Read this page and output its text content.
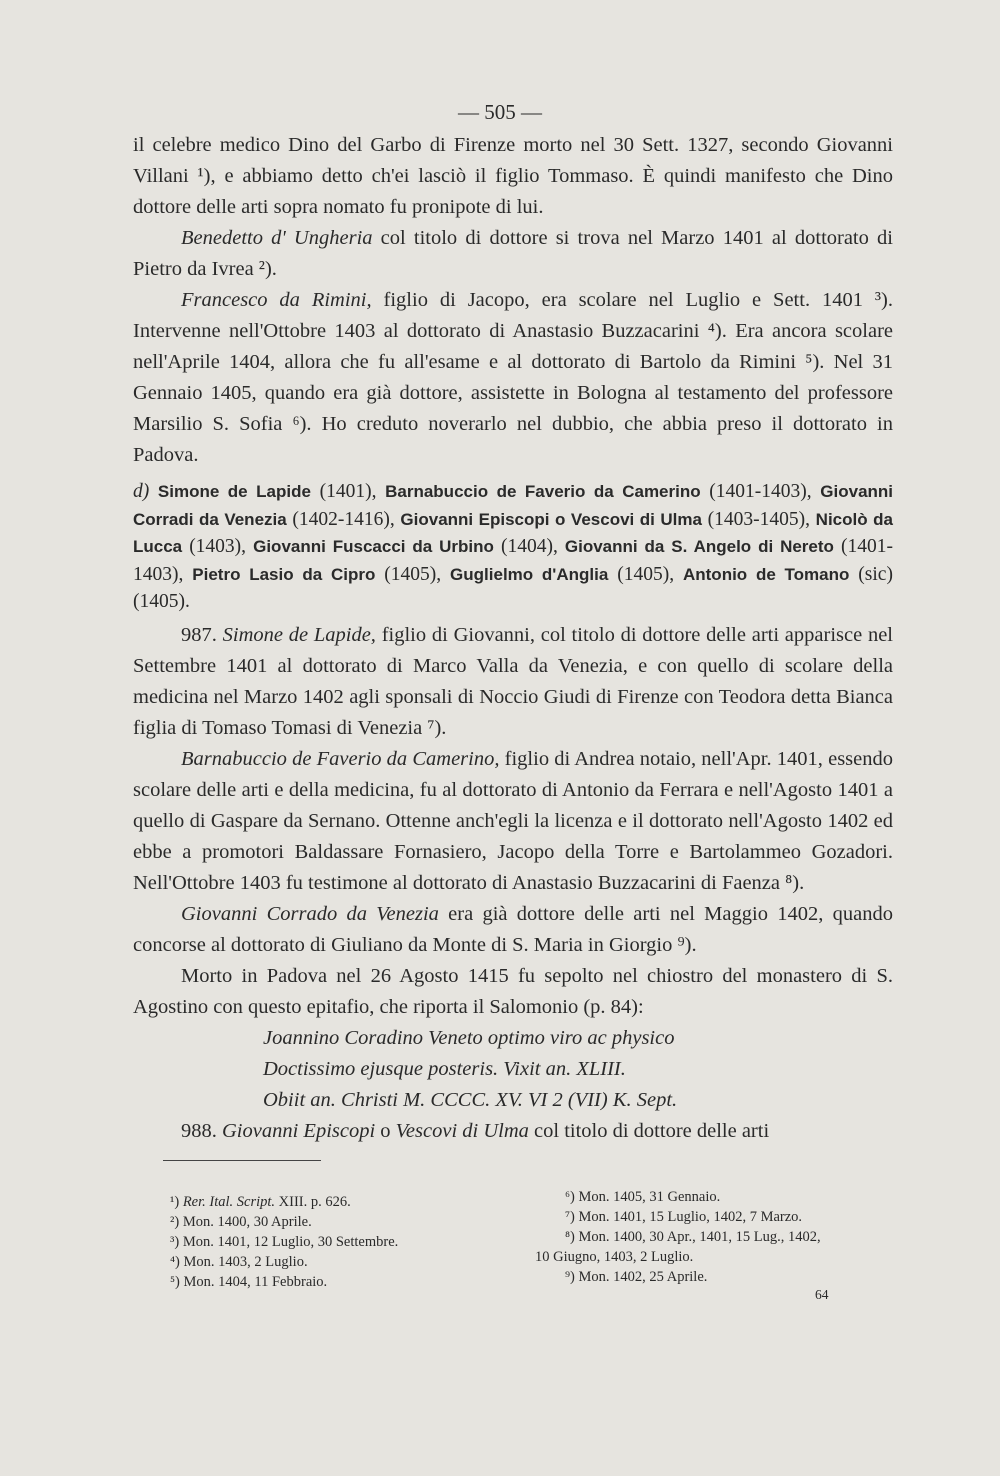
— 505 —

il celebre medico Dino del Garbo di Firenze morto nel 30 Sett. 1327, secondo Giovanni Villani ¹), e abbiamo detto ch'ei lasciò il figlio Tommaso. È quindi manifesto che Dino dottore delle arti sopra nomato fu pronipote di lui.

Benedetto d' Ungheria col titolo di dottore si trova nel Marzo 1401 al dottorato di Pietro da Ivrea ²).

Francesco da Rimini, figlio di Jacopo, era scolare nel Luglio e Sett. 1401 ³). Intervenne nell'Ottobre 1403 al dottorato di Anastasio Buzzacarini ⁴). Era ancora scolare nell'Aprile 1404, allora che fu all'esame e al dottorato di Bartolo da Rimini ⁵). Nel 31 Gennaio 1405, quando era già dottore, assistette in Bologna al testamento del professore Marsilio S. Sofia ⁶). Ho creduto noverarlo nel dubbio, che abbia preso il dottorato in Padova.

d) Simone de Lapide (1401), Barnabuccio de Faverio da Camerino (1401-1403), Giovanni Corradi da Venezia (1402-1416), Giovanni Episcopi o Vescovi di Ulma (1403-1405), Nicolò da Lucca (1403), Giovanni Fuscacci da Urbino (1404), Giovanni da S. Angelo di Nereto (1401-1403), Pietro Lasio da Cipro (1405), Guglielmo d'Anglia (1405), Antonio de Tomano (sic) (1405).

987. Simone de Lapide, figlio di Giovanni, col titolo di dottore delle arti apparisce nel Settembre 1401 al dottorato di Marco Valla da Venezia, e con quello di scolare della medicina nel Marzo 1402 agli sponsali di Noccio Giudi di Firenze con Teodora detta Bianca figlia di Tomaso Tomasi di Venezia ⁷).

Barnabuccio de Faverio da Camerino, figlio di Andrea notaio, nell'Apr. 1401, essendo scolare delle arti e della medicina, fu al dottorato di Antonio da Ferrara e nell'Agosto 1401 a quello di Gaspare da Sernano. Ottenne anch'egli la licenza e il dottorato nell'Agosto 1402 ed ebbe a promotori Baldassare Fornasiero, Jacopo della Torre e Bartolammeo Gozadori. Nell'Ottobre 1403 fu testimone al dottorato di Anastasio Buzzacarini di Faenza ⁸).

Giovanni Corrado da Venezia era già dottore delle arti nel Maggio 1402, quando concorse al dottorato di Giuliano da Monte di S. Maria in Giorgio ⁹).

Morto in Padova nel 26 Agosto 1415 fu sepolto nel chiostro del monastero di S. Agostino con questo epitafio, che riporta il Salomonio (p. 84):

Joannino Coradino Veneto optimo viro ac physico

Doctissimo ejusque posteris. Vixit an. XLIII.

Obiit an. Christi M. CCCC. XV. VI 2 (VII) K. Sept.

988. Giovanni Episcopi o Vescovi di Ulma col titolo di dottore delle arti

¹) Rer. Ital. Script. XIII. p. 626.
²) Mon. 1400, 30 Aprile.
³) Mon. 1401, 12 Luglio, 30 Settembre.
⁴) Mon. 1403, 2 Luglio.
⁵) Mon. 1404, 11 Febbraio.
⁶) Mon. 1405, 31 Gennaio.
⁷) Mon. 1401, 15 Luglio, 1402, 7 Marzo.
⁸) Mon. 1400, 30 Apr., 1401, 15 Lug., 1402,
10 Giugno, 1403, 2 Luglio.
⁹) Mon. 1402, 25 Aprile.
64
